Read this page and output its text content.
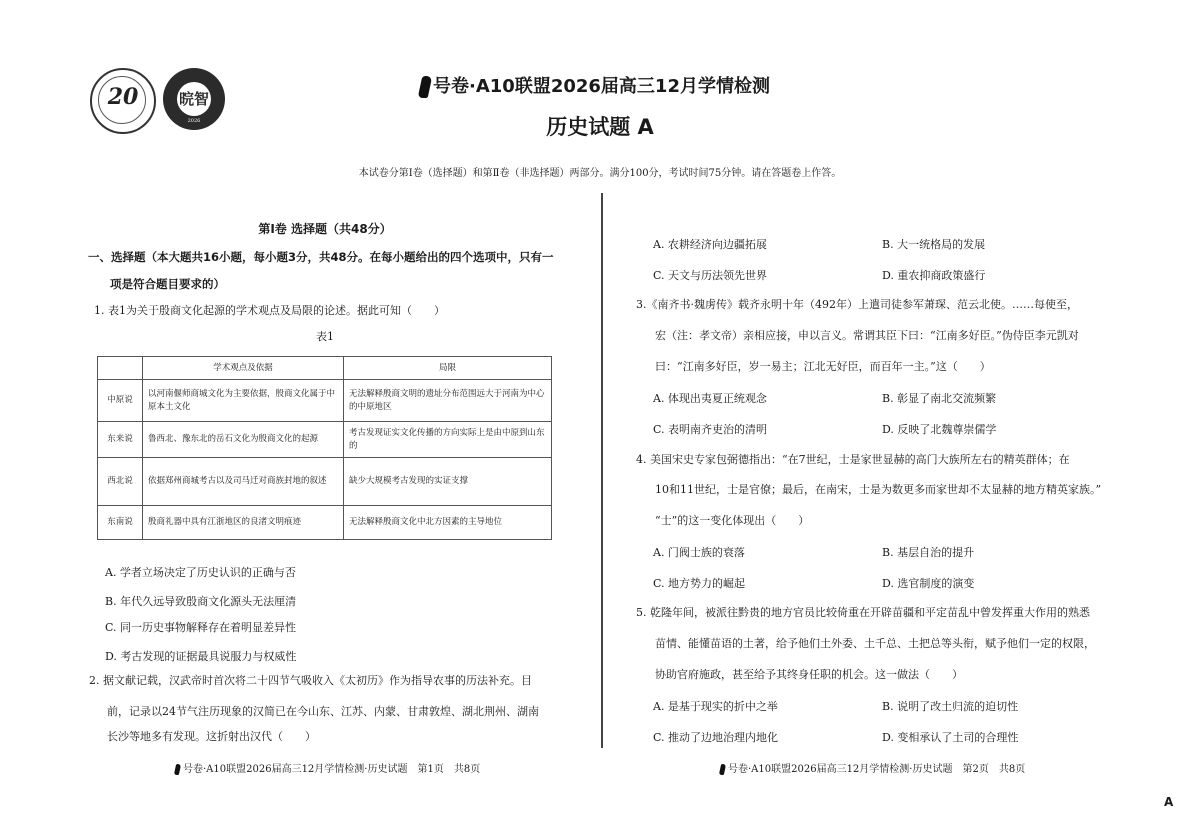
20	晥智
2026
号卷·A10联盟2026届高三12月学情检测
历史试题 A
本试卷分第Ⅰ卷（选择题）和第Ⅱ卷（非选择题）两部分。满分100分，考试时间75分钟。请在答题卷上作答。
第Ⅰ卷 选择题（共48分）
一、选择题（本大题共16小题，每小题3分，共48分。在每小题给出的四个选项中，只有一
项是符合题目要求的）
1. 表1为关于殷商文化起源的学术观点及局限的论述。据此可知（　　）
表1
	学术观点及依据	局限
中原说	以河南偃师商城文化为主要依据，殷商文化属于中原本土文化	无法解释殷商文明的遗址分布范围远大于河南为中心的中原地区
东来说	鲁西北、豫东北的岳石文化为殷商文化的起源	考古发现证实文化传播的方向实际上是由中原到山东的
西北说	依据郑州商城考古以及司马迁对商族封地的叙述	缺少大规模考古发现的实证支撑
东南说	殷商礼器中具有江浙地区的良渚文明痕迹	无法解释殷商文化中北方因素的主导地位
A. 学者立场决定了历史认识的正确与否
B. 年代久远导致殷商文化源头无法厘清
C. 同一历史事物解释存在着明显差异性
D. 考古发现的证据最具说服力与权威性
2. 据文献记载，汉武帝时首次将二十四节气吸收入《太初历》作为指导农事的历法补充。目
前，记录以24节气注历现象的汉简已在今山东、江苏、内蒙、甘肃敦煌、湖北荆州、湖南
长沙等地多有发现。这折射出汉代（　　）
A. 农耕经济向边疆拓展	B. 大一统格局的发展
C. 天文与历法领先世界	D. 重农抑商政策盛行
3.《南齐书·魏虏传》载齐永明十年（492年）上遣司徒参军萧琛、范云北使。……每使至，
宏（注：孝文帝）亲相应接，申以言义。常谓其臣下曰：“江南多好臣。”伪侍臣李元凯对
曰：“江南多好臣，岁一易主；江北无好臣，而百年一主。”这（　　）
A. 体现出夷夏正统观念	B. 彰显了南北交流频繁
C. 表明南齐吏治的清明	D. 反映了北魏尊崇儒学
4. 美国宋史专家包弼德指出：“在7世纪，士是家世显赫的高门大族所左右的精英群体；在
10和11世纪，士是官僚；最后，在南宋，士是为数更多而家世却不太显赫的地方精英家族。”
“士”的这一变化体现出（　　）
A. 门阀士族的衰落	B. 基层自治的提升
C. 地方势力的崛起	D. 选官制度的演变
5. 乾隆年间，被派往黔贵的地方官员比较倚重在开辟苗疆和平定苗乱中曾发挥重大作用的熟悉
苗情、能懂苗语的土著，给予他们土外委、土千总、土把总等头衔，赋予他们一定的权限，
协助官府施政，甚至给予其终身任职的机会。这一做法（　　）
A. 是基于现实的折中之举	B. 说明了改土归流的迫切性
C. 推动了边地治理内地化	D. 变相承认了土司的合理性
号卷·A10联盟2026届高三12月学情检测·历史试题　第1页　共8页	号卷·A10联盟2026届高三12月学情检测·历史试题　第2页　共8页
A
